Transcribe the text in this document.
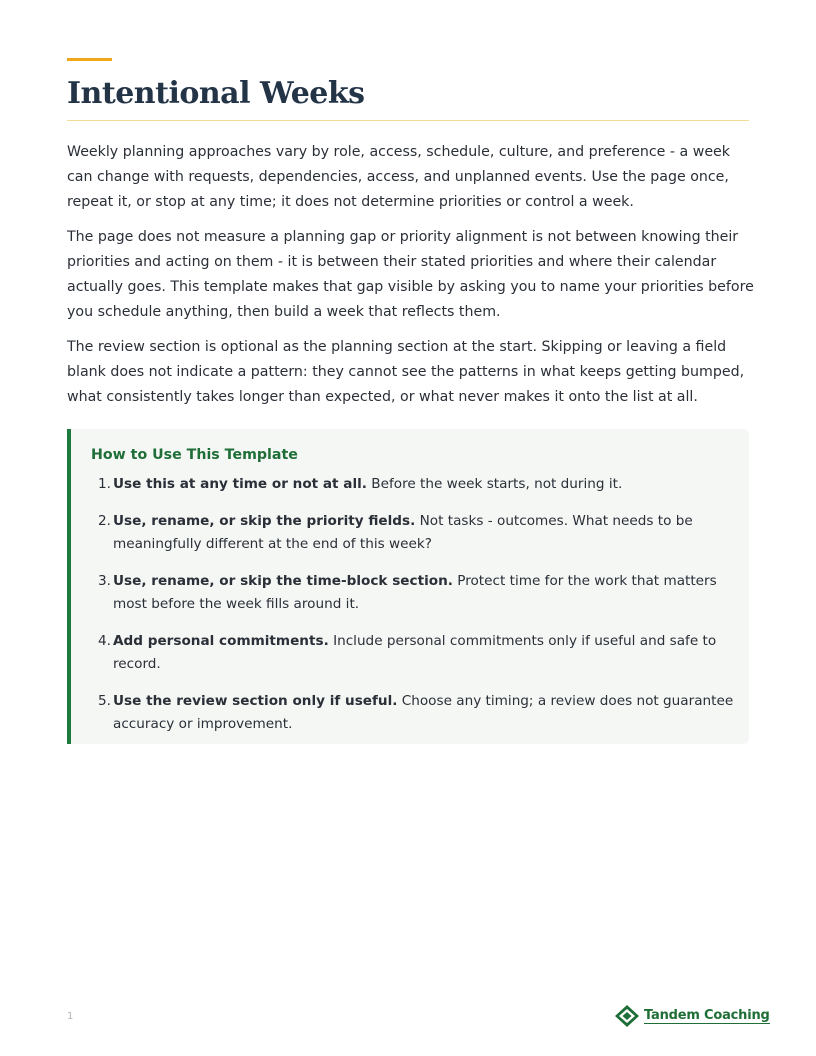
Intentional Weeks

Weekly planning approaches vary by role, access, schedule, culture, and preference - a week can change with requests, dependencies, access, and unplanned events. Use the page once, repeat it, or stop at any time; it does not determine priorities or control a week.

The page does not measure a planning gap or priority alignment is not between knowing their priorities and acting on them - it is between their stated priorities and where their calendar actually goes. This template makes that gap visible by asking you to name your priorities before you schedule anything, then build a week that reflects them.

The review section is optional as the planning section at the start. Skipping or leaving a field blank does not indicate a pattern: they cannot see the patterns in what keeps getting bumped, what consistently takes longer than expected, or what never makes it onto the list at all.

How to Use This Template
1. Use this at any time or not at all. Before the week starts, not during it.
2. Use, rename, or skip the priority fields. Not tasks - outcomes. What needs to be meaningfully different at the end of this week?
3. Use, rename, or skip the time-block section. Protect time for the work that matters most before the week fills around it.
4. Add personal commitments. Include personal commitments only if useful and safe to record.
5. Use the review section only if useful. Choose any timing; a review does not guarantee accuracy or improvement.
1	Tandem Coaching
